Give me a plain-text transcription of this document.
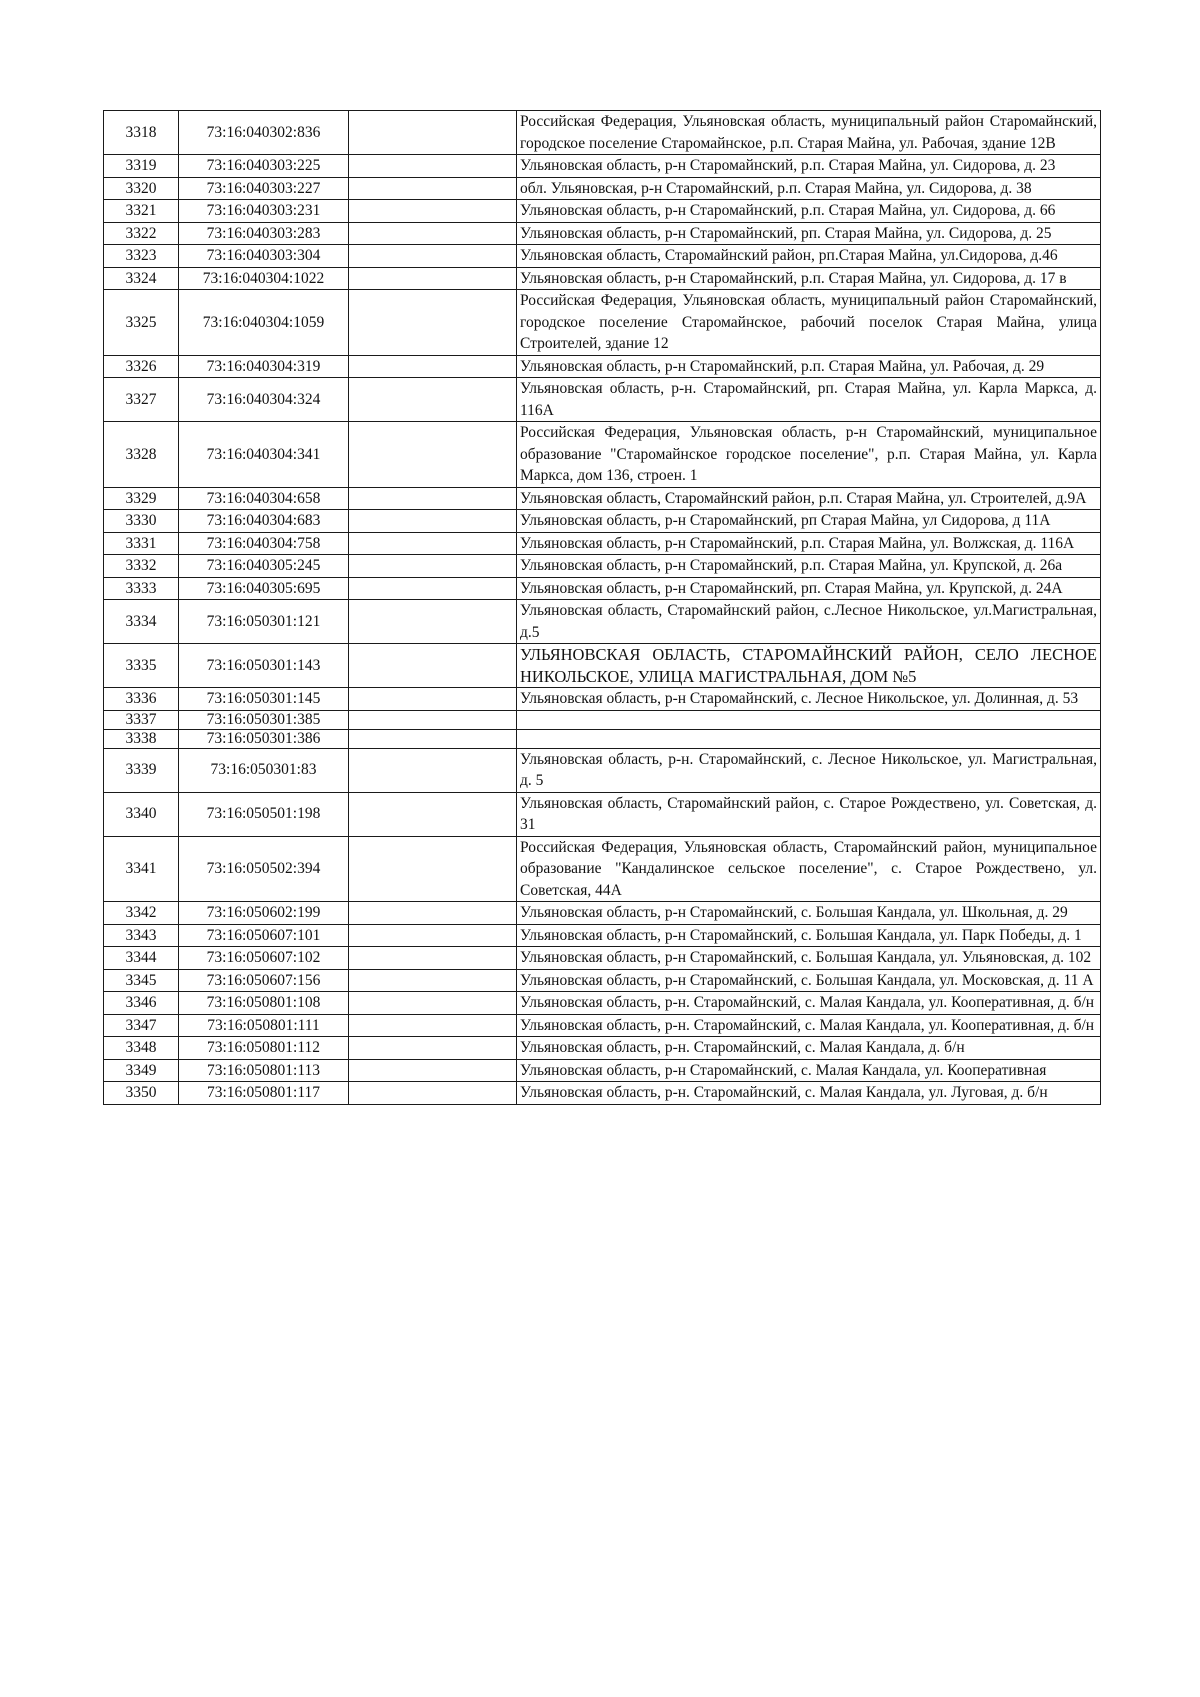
3318	73:16:040302:836		Российская Федерация, Ульяновская область, муниципальный район Старомайнский, городское поселение Старомайнское, р.п. Старая Майна, ул. Рабочая, здание 12В
3319	73:16:040303:225		Ульяновская область, р-н Старомайнский, р.п. Старая Майна, ул. Сидорова, д. 23
3320	73:16:040303:227		обл. Ульяновская, р-н Старомайнский, р.п. Старая Майна, ул. Сидорова, д. 38
3321	73:16:040303:231		Ульяновская область, р-н Старомайнский, р.п. Старая Майна, ул. Сидорова, д. 66
3322	73:16:040303:283		Ульяновская область, р-н Старомайнский, рп. Старая Майна, ул. Сидорова, д. 25
3323	73:16:040303:304		Ульяновская область, Старомайнский район, рп.Старая Майна, ул.Сидорова, д.46
3324	73:16:040304:1022		Ульяновская область, р-н Старомайнский, р.п. Старая Майна, ул. Сидорова, д. 17 в
3325	73:16:040304:1059		Российская Федерация, Ульяновская область, муниципальный район Старомайнский, городское поселение Старомайнское, рабочий поселок Старая Майна, улица Строителей, здание 12
3326	73:16:040304:319		Ульяновская область, р-н Старомайнский, р.п. Старая Майна, ул. Рабочая, д. 29
3327	73:16:040304:324		Ульяновская область, р-н. Старомайнский, рп. Старая Майна, ул. Карла Маркса, д. 116А
3328	73:16:040304:341		Российская Федерация, Ульяновская область, р-н Старомайнский, муниципальное образование "Старомайнское городское поселение", р.п. Старая Майна, ул. Карла Маркса, дом 136, строен. 1
3329	73:16:040304:658		Ульяновская область, Старомайнский район, р.п. Старая Майна, ул. Строителей, д.9А
3330	73:16:040304:683		Ульяновская область, р-н Старомайнский, рп Старая Майна, ул Сидорова, д 11А
3331	73:16:040304:758		Ульяновская область, р-н Старомайнский, р.п. Старая Майна, ул. Волжская, д. 116А
3332	73:16:040305:245		Ульяновская область, р-н Старомайнский, р.п. Старая Майна, ул. Крупской, д. 26а
3333	73:16:040305:695		Ульяновская область, р-н Старомайнский, рп. Старая Майна, ул. Крупской, д. 24А
3334	73:16:050301:121		Ульяновская область, Старомайнский район, с.Лесное Никольское, ул.Магистральная, д.5
3335	73:16:050301:143		УЛЬЯНОВСКАЯ ОБЛАСТЬ, СТАРОМАЙНСКИЙ РАЙОН, СЕЛО ЛЕСНОЕ НИКОЛЬСКОЕ, УЛИЦА МАГИСТРАЛЬНАЯ, ДОМ №5
3336	73:16:050301:145		Ульяновская область, р-н Старомайнский, с. Лесное Никольское, ул. Долинная, д. 53
3337	73:16:050301:385		
3338	73:16:050301:386		
3339	73:16:050301:83		Ульяновская область, р-н. Старомайнский, с. Лесное Никольское, ул. Магистральная, д. 5
3340	73:16:050501:198		Ульяновская область, Старомайнский район, с. Старое Рождествено, ул. Советская, д. 31
3341	73:16:050502:394		Российская Федерация, Ульяновская область, Старомайнский район, муниципальное образование "Кандалинское сельское поселение", с. Старое Рождествено, ул. Советская, 44А
3342	73:16:050602:199		Ульяновская область, р-н Старомайнский, с. Большая Кандала, ул. Школьная, д. 29
3343	73:16:050607:101		Ульяновская область, р-н Старомайнский, с. Большая Кандала, ул. Парк Победы, д. 1
3344	73:16:050607:102		Ульяновская область, р-н Старомайнский, с. Большая Кандала, ул. Ульяновская, д. 102
3345	73:16:050607:156		Ульяновская область, р-н Старомайнский, с. Большая Кандала, ул. Московская, д. 11 А
3346	73:16:050801:108		Ульяновская область, р-н. Старомайнский, с. Малая Кандала, ул. Кооперативная, д. б/н
3347	73:16:050801:111		Ульяновская область, р-н. Старомайнский, с. Малая Кандала, ул. Кооперативная, д. б/н
3348	73:16:050801:112		Ульяновская область, р-н. Старомайнский, с. Малая Кандала, д. б/н
3349	73:16:050801:113		Ульяновская область, р-н Старомайнский, с. Малая Кандала, ул. Кооперативная
3350	73:16:050801:117		Ульяновская область, р-н. Старомайнский, с. Малая Кандала, ул. Луговая, д. б/н
